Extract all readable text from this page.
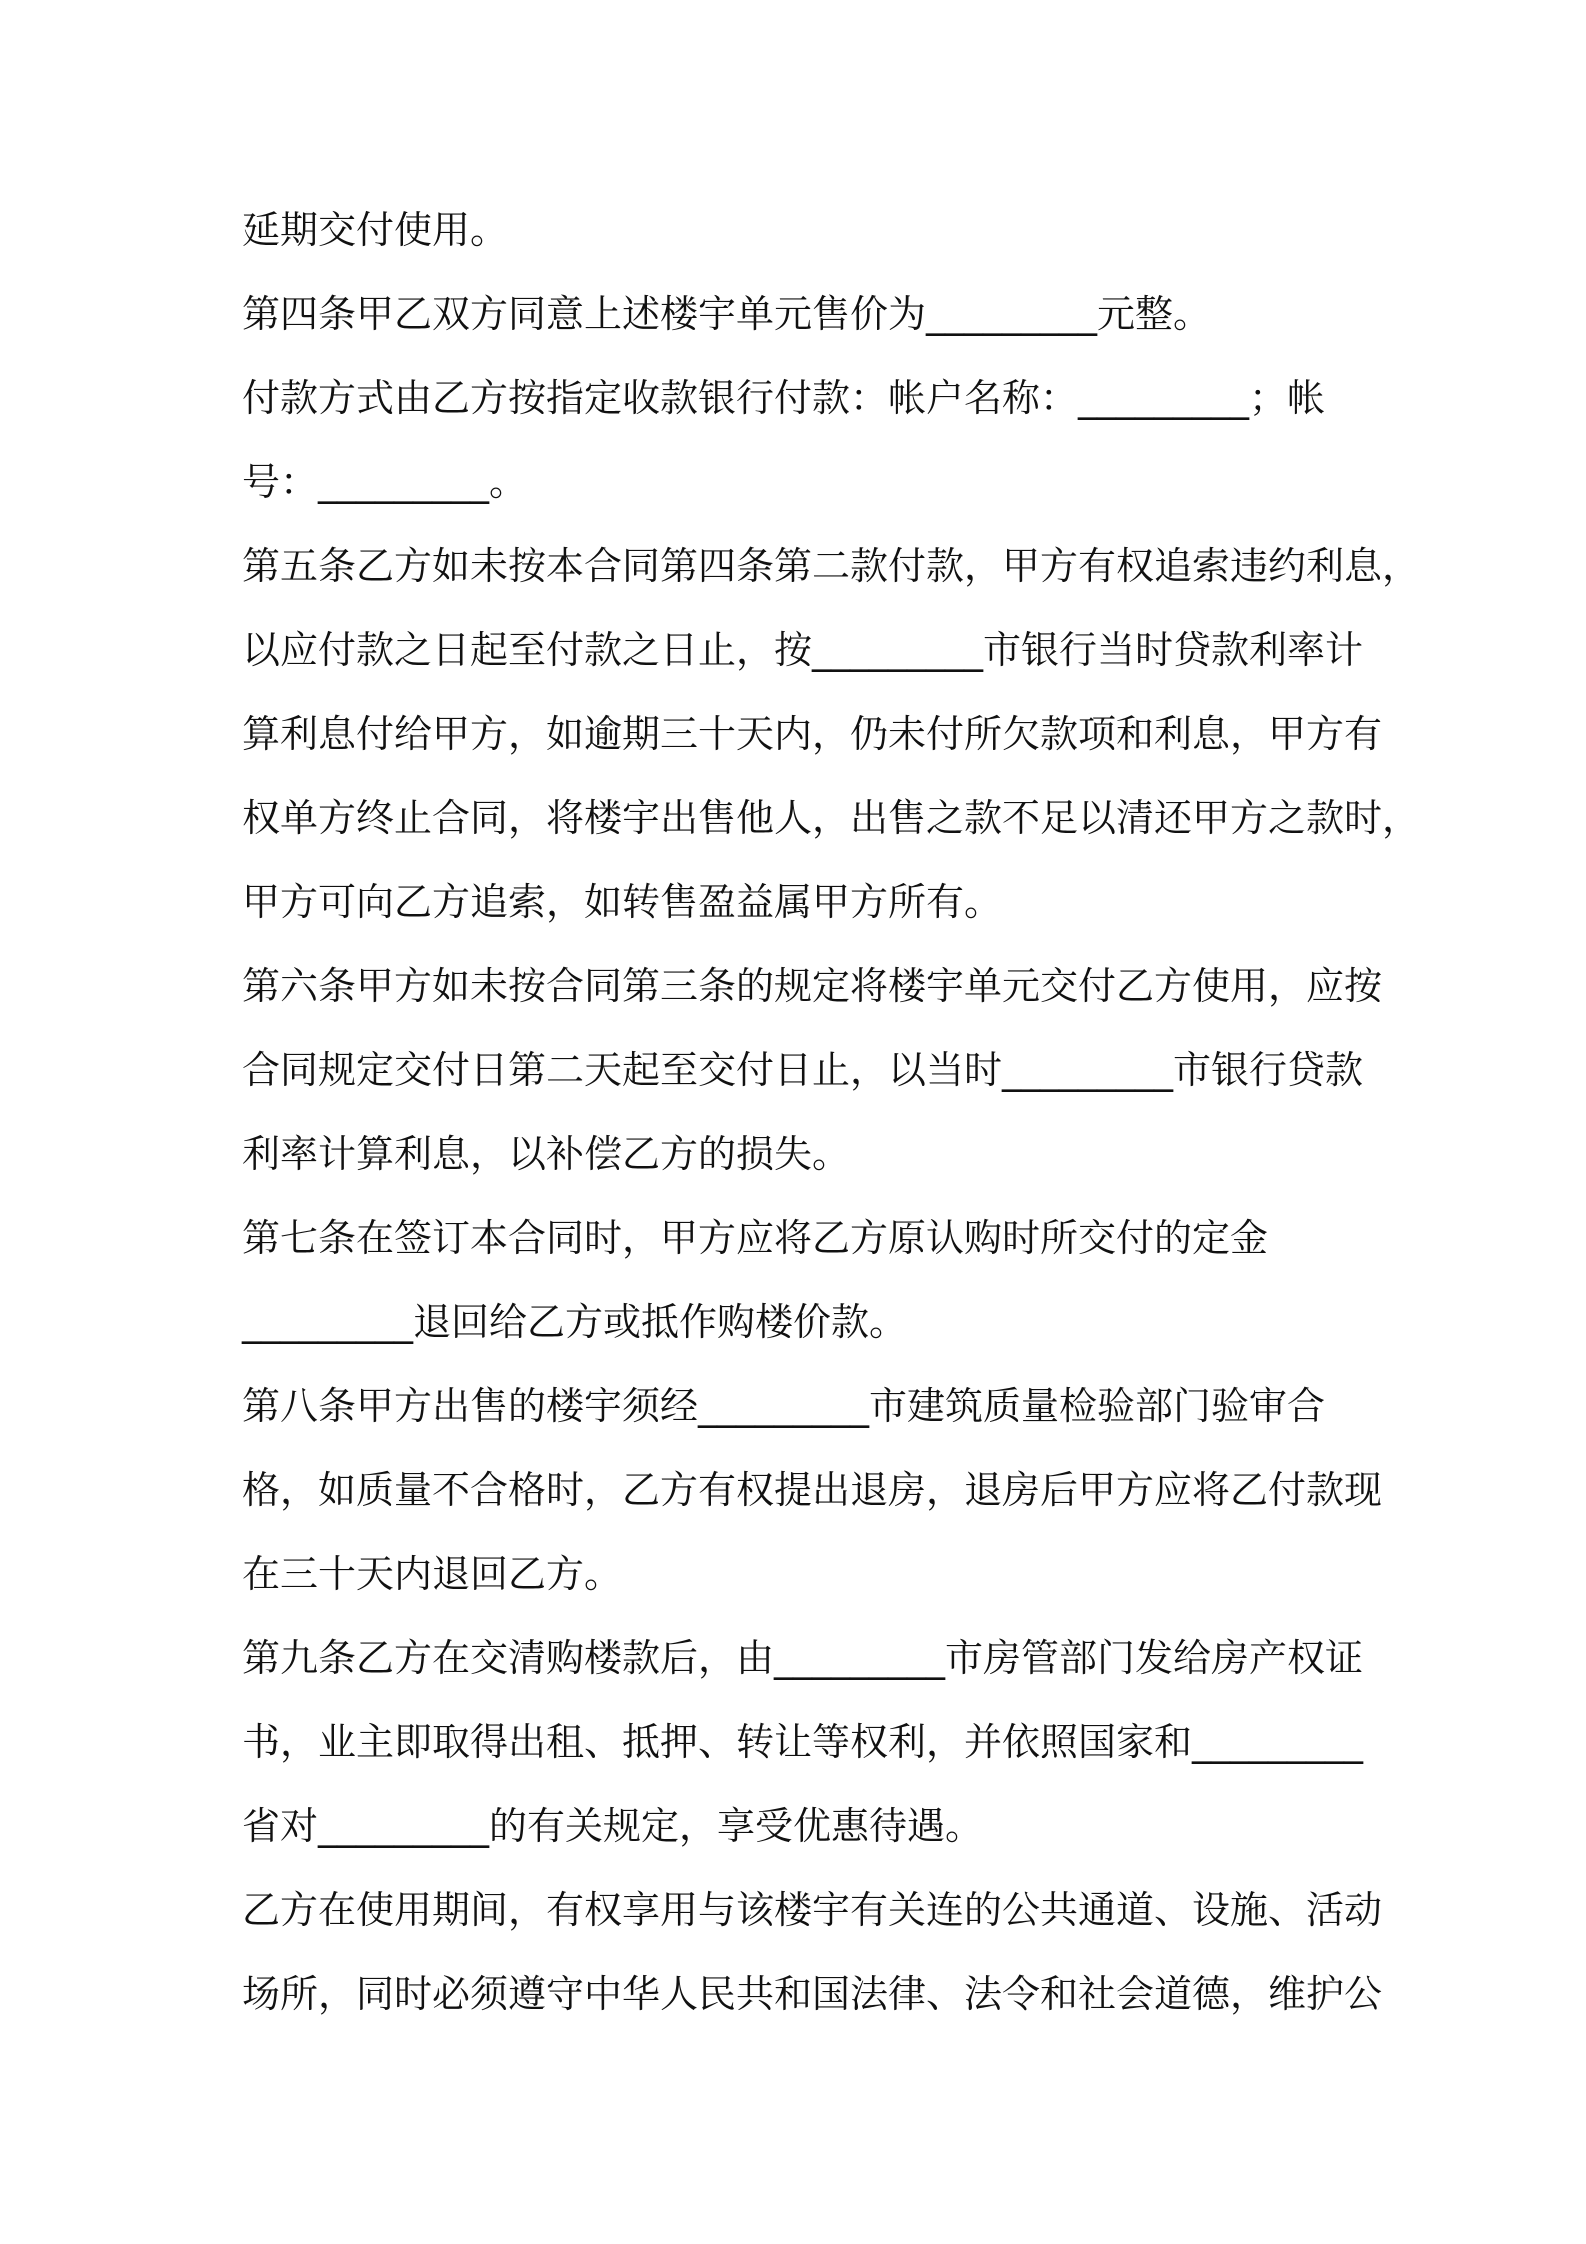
延期交付使用。
第四条甲乙双方同意上述楼宇单元售价为_________元整。
付款方式由乙方按指定收款银行付款：帐户名称：_________；帐
号：_________。
第五条乙方如未按本合同第四条第二款付款，甲方有权追索违约利息，
以应付款之日起至付款之日止，按_________市银行当时贷款利率计
算利息付给甲方，如逾期三十天内，仍未付所欠款项和利息，甲方有
权单方终止合同，将楼宇出售他人，出售之款不足以清还甲方之款时，
甲方可向乙方追索，如转售盈益属甲方所有。
第六条甲方如未按合同第三条的规定将楼宇单元交付乙方使用，应按
合同规定交付日第二天起至交付日止，以当时_________市银行贷款
利率计算利息，以补偿乙方的损失。
第七条在签订本合同时，甲方应将乙方原认购时所交付的定金
_________退回给乙方或抵作购楼价款。
第八条甲方出售的楼宇须经_________市建筑质量检验部门验审合
格，如质量不合格时，乙方有权提出退房，退房后甲方应将乙付款现
在三十天内退回乙方。
第九条乙方在交清购楼款后，由_________市房管部门发给房产权证
书，业主即取得出租、抵押、转让等权利，并依照国家和_________
省对_________的有关规定，享受优惠待遇。
乙方在使用期间，有权享用与该楼宇有关连的公共通道、设施、活动
场所，同时必须遵守中华人民共和国法律、法令和社会道德，维护公
